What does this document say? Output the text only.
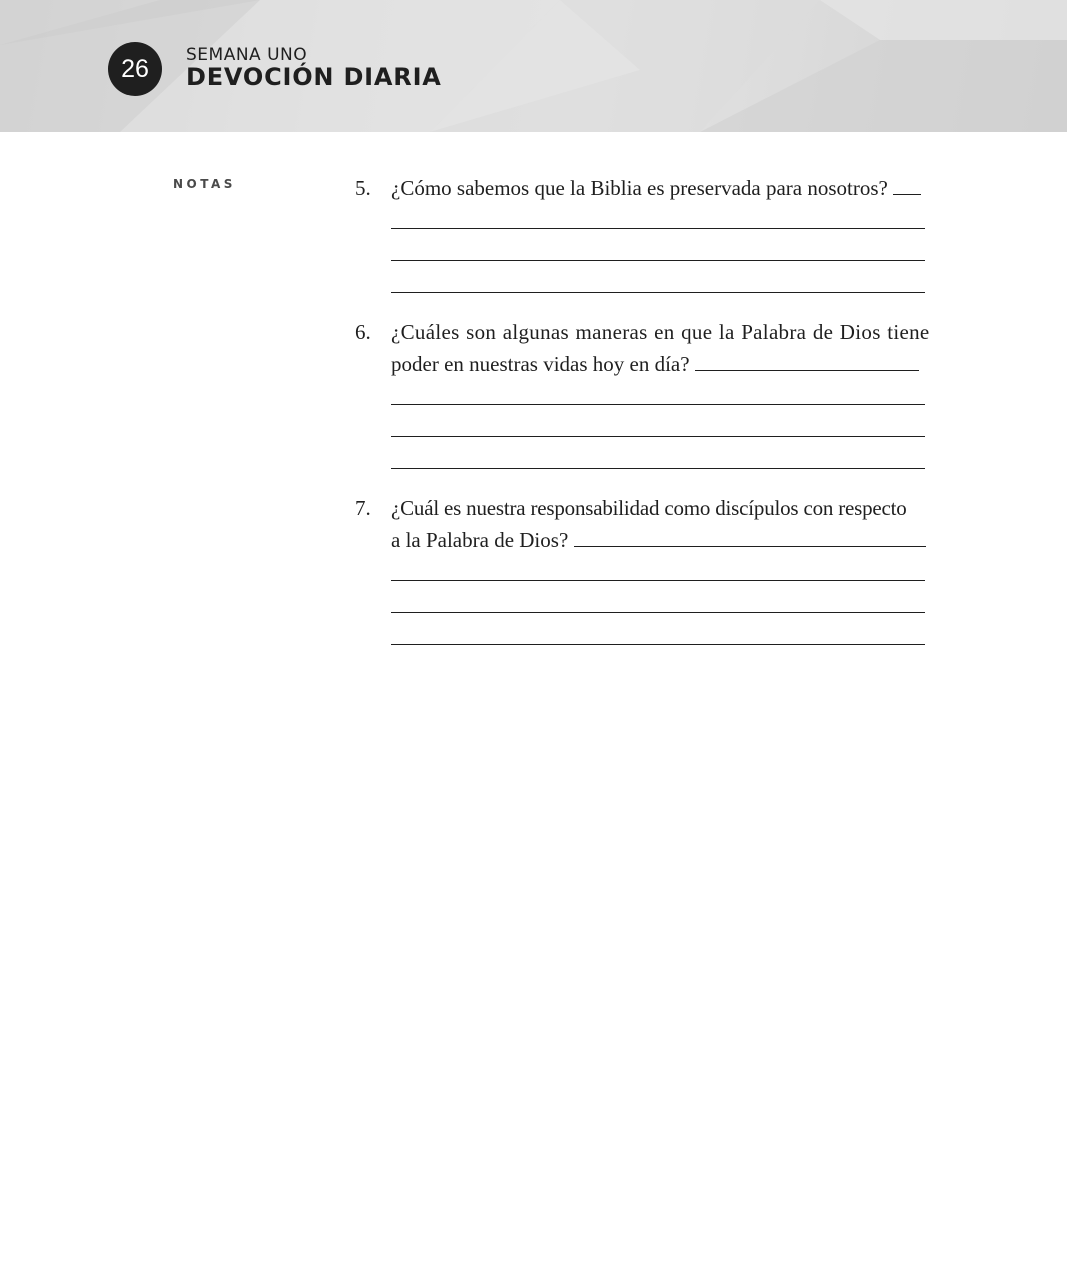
26	SEMANA UNO
DEVOCIÓN DIARIA
NOTAS	5. ¿Cómo sabemos que la Biblia es preservada para nosotros?
6. ¿Cuáles son algunas maneras en que la Palabra de Dios tiene
poder en nuestras vidas hoy en día?
7. ¿Cuál es nuestra responsabilidad como discípulos con respecto
a la Palabra de Dios?
